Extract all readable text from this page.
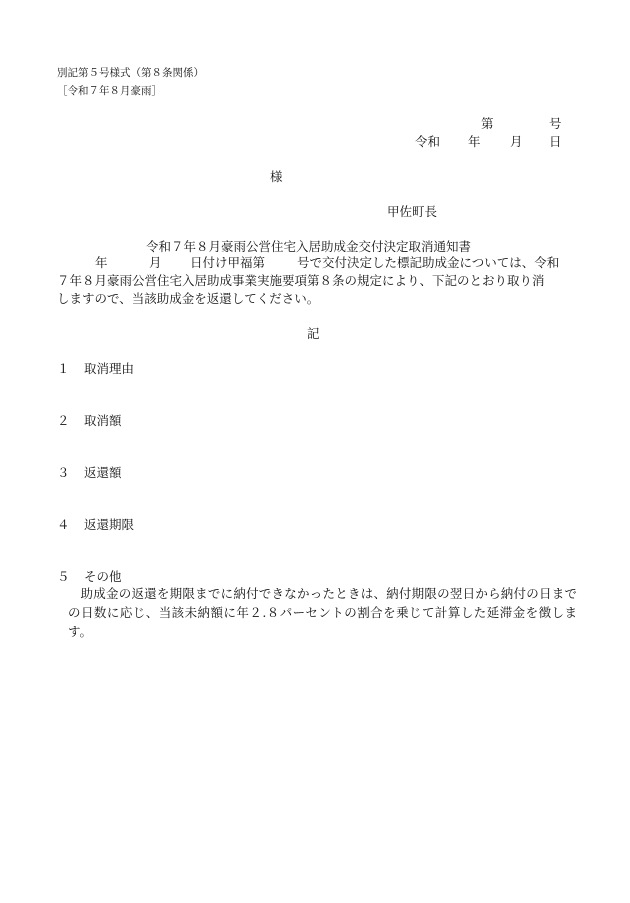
別記第５号様式（第８条関係）
［令和７年８月豪雨］
第	号
令和 年 月 日
様
甲佐町長
令和７年８月豪雨公営住宅入居助成金交付決定取消通知書
年	月 日付け甲福第	号で交付決定した標記助成金については、令和
７年８月豪雨公営住宅入居助成事業実施要項第８条の規定により、下記のとおり取り消
しますので、当該助成金を返還してください。
記
１ 取消理由
２ 取消額
３ 返還額
４ 返還期限
５ その他
助成金の返還を期限までに納付できなかったときは、納付期限の翌日から納付の日までの日数に応じ、当該未納額に年２.８パーセントの割合を乗じて計算した延滞金を徴します。
